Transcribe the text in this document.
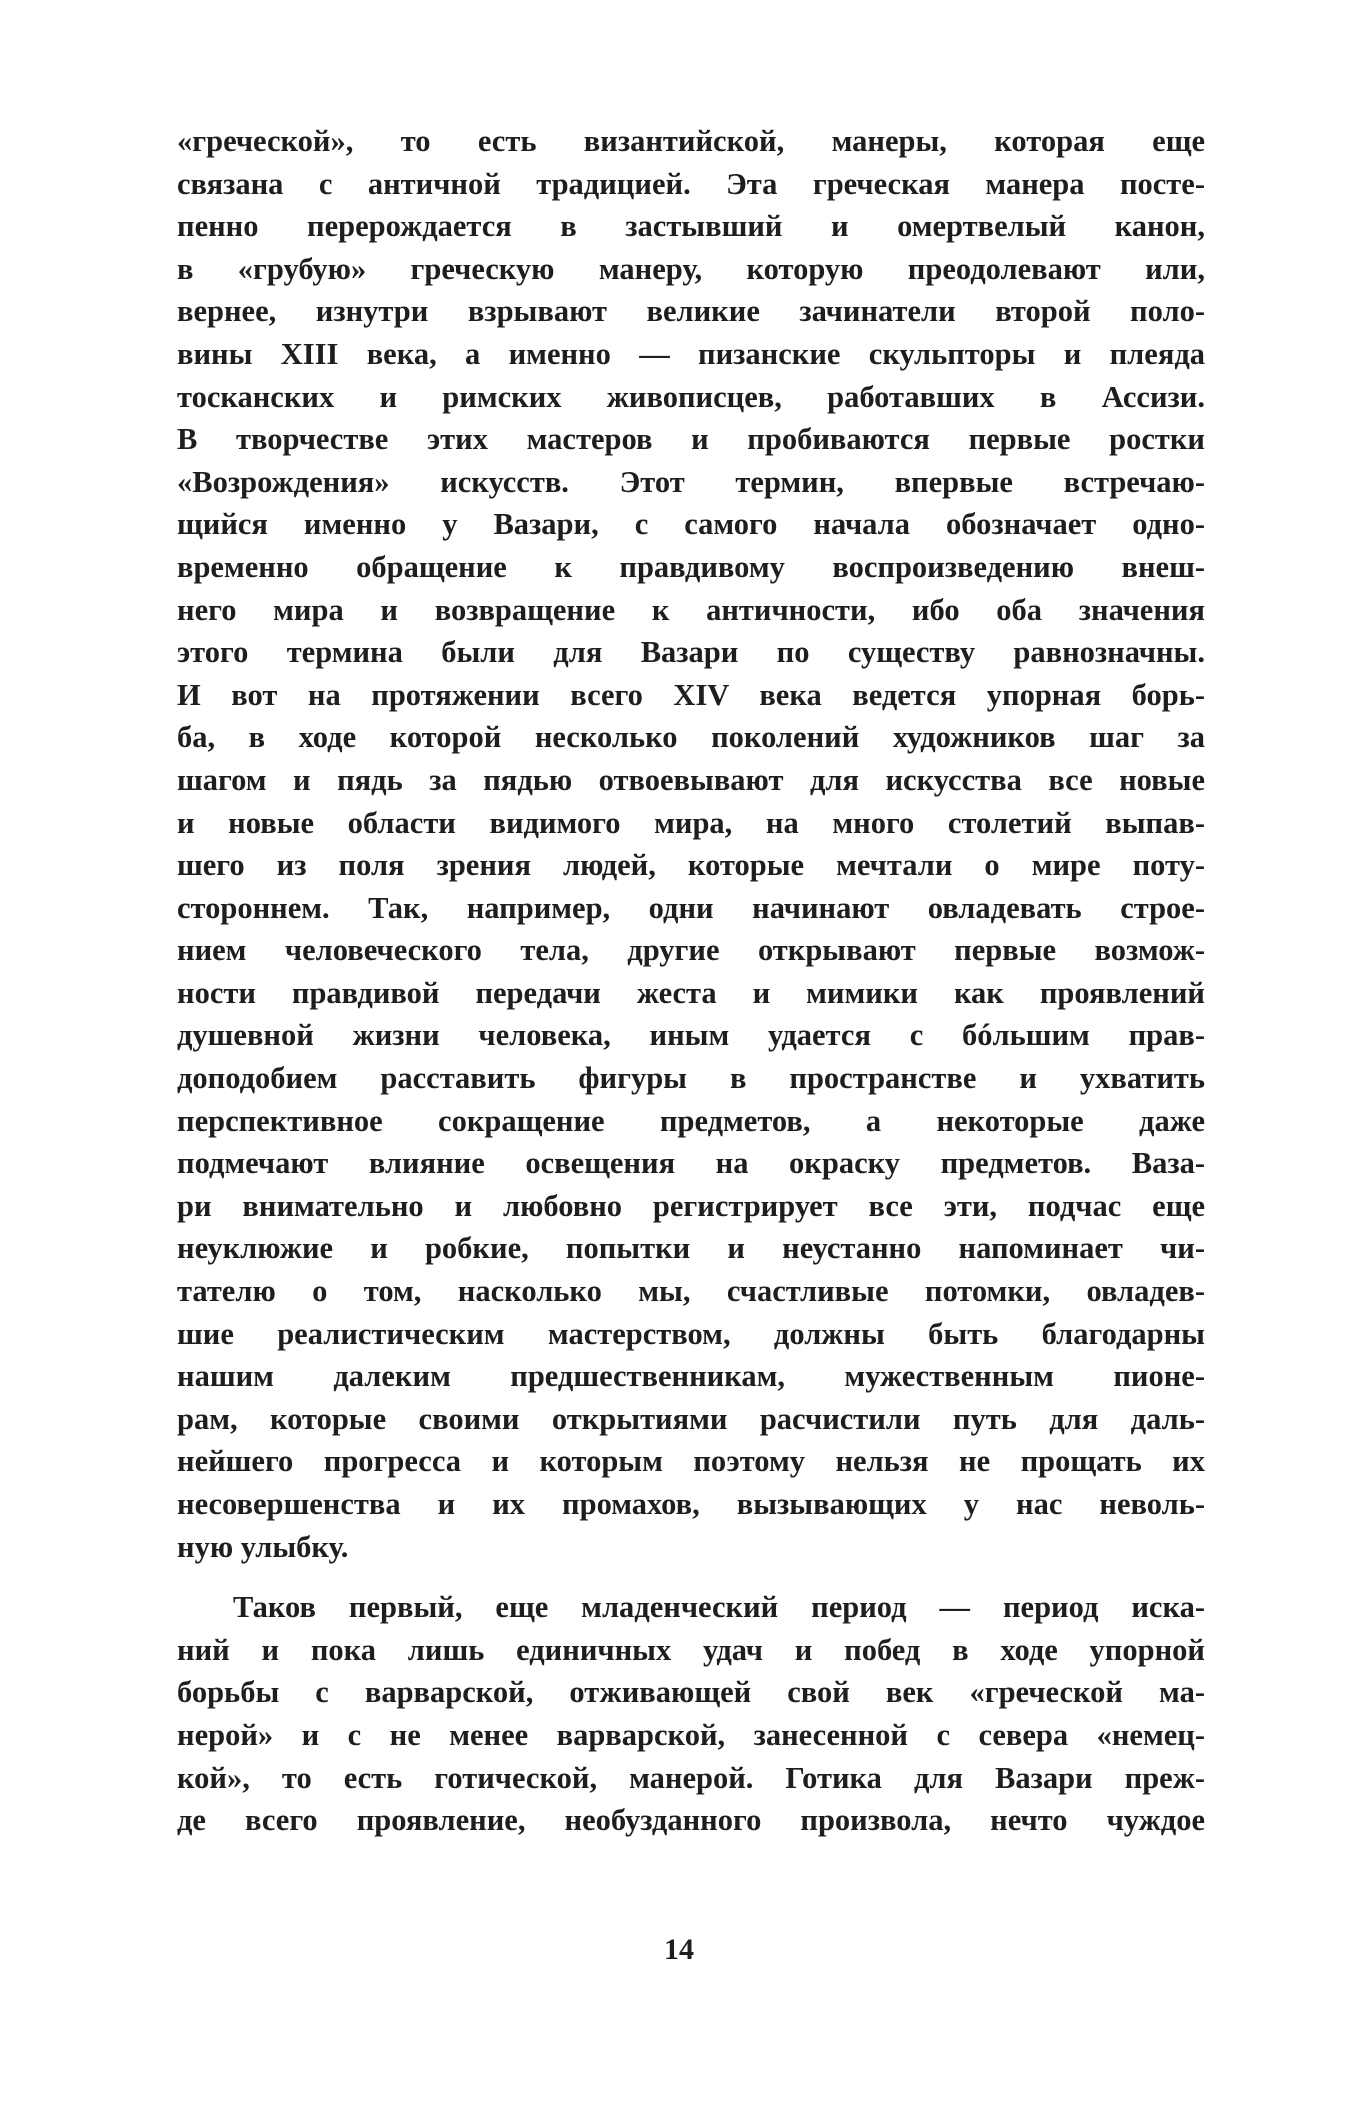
«греческой», то есть византийской, манеры, которая еще
связана с античной традицией. Эта греческая манера посте-
пенно перерождается в застывший и омертвелый канон,
в «грубую» греческую манеру, которую преодолевают или,
вернее, изнутри взрывают великие зачинатели второй поло-
вины XIII века, а именно — пизанские скульпторы и плеяда
тосканских и римских живописцев, работавших в Ассизи.
В творчестве этих мастеров и пробиваются первые ростки
«Возрождения» искусств. Этот термин, впервые встречаю-
щийся именно у Вазари, с самого начала обозначает одно-
временно обращение к правдивому воспроизведению внеш-
него мира и возвращение к античности, ибо оба значения
этого термина были для Вазари по существу равнозначны.
И вот на протяжении всего XIV века ведется упорная борь-
ба, в ходе которой несколько поколений художников шаг за
шагом и пядь за пядью отвоевывают для искусства все новые
и новые области видимого мира, на много столетий выпав-
шего из поля зрения людей, которые мечтали о мире поту-
стороннем. Так, например, одни начинают овладевать строе-
нием человеческого тела, другие открывают первые возмож-
ности правдивой передачи жеста и мимики как проявлений
душевной жизни человека, иным удается с бóльшим прав-
доподобием расставить фигуры в пространстве и ухватить
перспективное сокращение предметов, а некоторые даже
подмечают влияние освещения на окраску предметов. Ваза-
ри внимательно и любовно регистрирует все эти, подчас еще
неуклюжие и робкие, попытки и неустанно напоминает чи-
тателю о том, насколько мы, счастливые потомки, овладев-
шие реалистическим мастерством, должны быть благодарны
нашим далеким предшественникам, мужественным пионе-
рам, которые своими открытиями расчистили путь для даль-
нейшего прогресса и которым поэтому нельзя не прощать их
несовершенства и их промахов, вызывающих у нас неволь-
ную улыбку.

Таков первый, еще младенческий период — период иска-
ний и пока лишь единичных удач и побед в ходе упорной
борьбы с варварской, отживающей свой век «греческой ма-
нерой» и с не менее варварской, занесенной с севера «немец-
кой», то есть готической, манерой. Готика для Вазари преж-
де всего проявление, необузданного произвола, нечто чуждое

14
